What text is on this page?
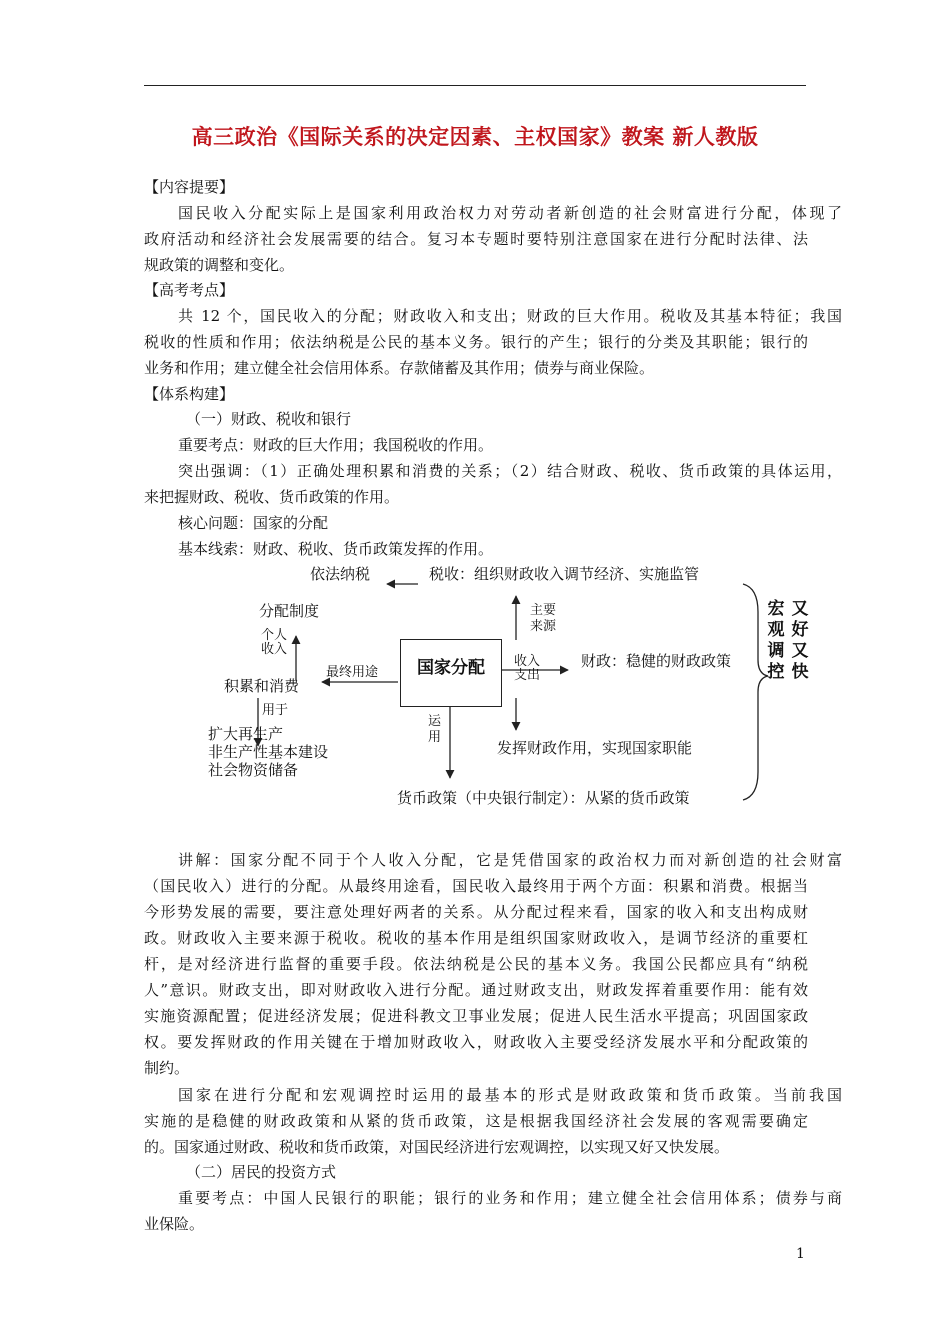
高三政治《国际关系的决定因素、主权国家》教案 新人教版
【内容提要】
国民收入分配实际上是国家利用政治权力对劳动者新创造的社会财富进行分配，体现了
政府活动和经济社会发展需要的结合。复习本专题时要特别注意国家在进行分配时法律、法
规政策的调整和变化。
【高考考点】
共 12 个，国民收入的分配；财政收入和支出；财政的巨大作用。税收及其基本特征；我国
税收的性质和作用；依法纳税是公民的基本义务。银行的产生；银行的分类及其职能；银行的
业务和作用；建立健全社会信用体系。存款储蓄及其作用；债券与商业保险。
【体系构建】
（一）财政、税收和银行
重要考点：财政的巨大作用；我国税收的作用。
突出强调：（1）正确处理积累和消费的关系；（2）结合财政、税收、货币政策的具体运用，
来把握财政、税收、货币政策的作用。
核心问题：国家的分配
基本线索：财政、税收、货币政策发挥的作用。
国家分配
依法纳税	税收：组织财政收入调节经济、实施监管
主要
来源
分配制度
个人
收入
最终用途
收入
支出
财政：稳健的财政政策
积累和消费
用于
扩大再生产
非生产性基本建设
社会物资储备
运
用
发挥财政作用，实现国家职能
货币政策（中央银行制定）：从紧的货币政策
宏
观
调
控
又
好
又
快
讲解：国家分配不同于个人收入分配，它是凭借国家的政治权力而对新创造的社会财富
（国民收入）进行的分配。从最终用途看，国民收入最终用于两个方面：积累和消费。根据当
今形势发展的需要，要注意处理好两者的关系。从分配过程来看，国家的收入和支出构成财
政。财政收入主要来源于税收。税收的基本作用是组织国家财政收入，是调节经济的重要杠
杆，是对经济进行监督的重要手段。依法纳税是公民的基本义务。我国公民都应具有“纳税
人”意识。财政支出，即对财政收入进行分配。通过财政支出，财政发挥着重要作用：能有效
实施资源配置；促进经济发展；促进科教文卫事业发展；促进人民生活水平提高；巩固国家政
权。要发挥财政的作用关键在于增加财政收入，财政收入主要受经济发展水平和分配政策的
制约。
国家在进行分配和宏观调控时运用的最基本的形式是财政政策和货币政策。当前我国
实施的是稳健的财政政策和从紧的货币政策，这是根据我国经济社会发展的客观需要确定
的。国家通过财政、税收和货币政策，对国民经济进行宏观调控，以实现又好又快发展。
（二）居民的投资方式
重要考点：中国人民银行的职能；银行的业务和作用；建立健全社会信用体系；债券与商
业保险。
1
